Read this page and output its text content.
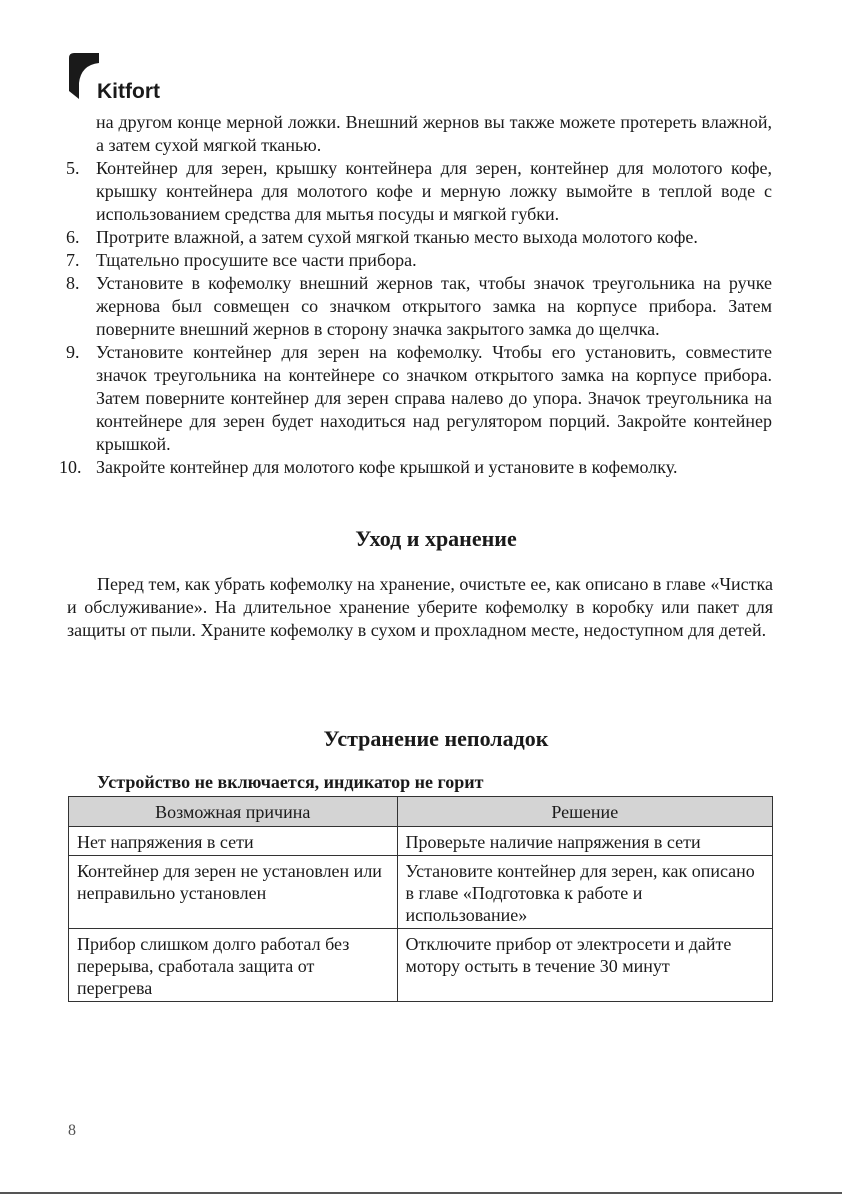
Kitfort
на другом конце мерной ложки. Внешний жернов вы также можете протереть влажной, а затем сухой мягкой тканью.
5. Контейнер для зерен, крышку контейнера для зерен, контейнер для молотого кофе, крышку контейнера для молотого кофе и мерную ложку вымойте в теплой воде с использованием средства для мытья посуды и мягкой губки.
6. Протрите влажной, а затем сухой мягкой тканью место выхода молотого кофе.
7. Тщательно просушите все части прибора.
8. Установите в кофемолку внешний жернов так, чтобы значок треугольника на ручке жернова был совмещен со значком открытого замка на корпусе прибора. Затем поверните внешний жернов в сторону значка закрытого замка до щелчка.
9. Установите контейнер для зерен на кофемолку. Чтобы его установить, совместите значок треугольника на контейнере со значком открытого замка на корпусе прибора. Затем поверните контейнер для зерен справа налево до упора. Значок треугольника на контейнере для зерен будет находиться над регулятором порций. Закройте контейнер крышкой.
10. Закройте контейнер для молотого кофе крышкой и установите в кофемолку.
Уход и хранение

Перед тем, как убрать кофемолку на хранение, очистьте ее, как описано в главе «Чистка и обслуживание». На длительное хранение уберите кофемолку в коробку или пакет для защиты от пыли. Храните кофемолку в сухом и прохладном месте, недоступном для детей.

Устранение неполадок
Устройство не включается, индикатор не горит
Возможная причина	Решение
Нет напряжения в сети	Проверьте наличие напряжения в сети
Контейнер для зерен не установлен или неправильно установлен	Установите контейнер для зерен, как описано в главе «Подготовка к работе и использование»
Прибор слишком долго работал без перерыва, сработала защита от перегрева	Отключите прибор от электросети и дайте мотору остыть в течение 30 минут
8
